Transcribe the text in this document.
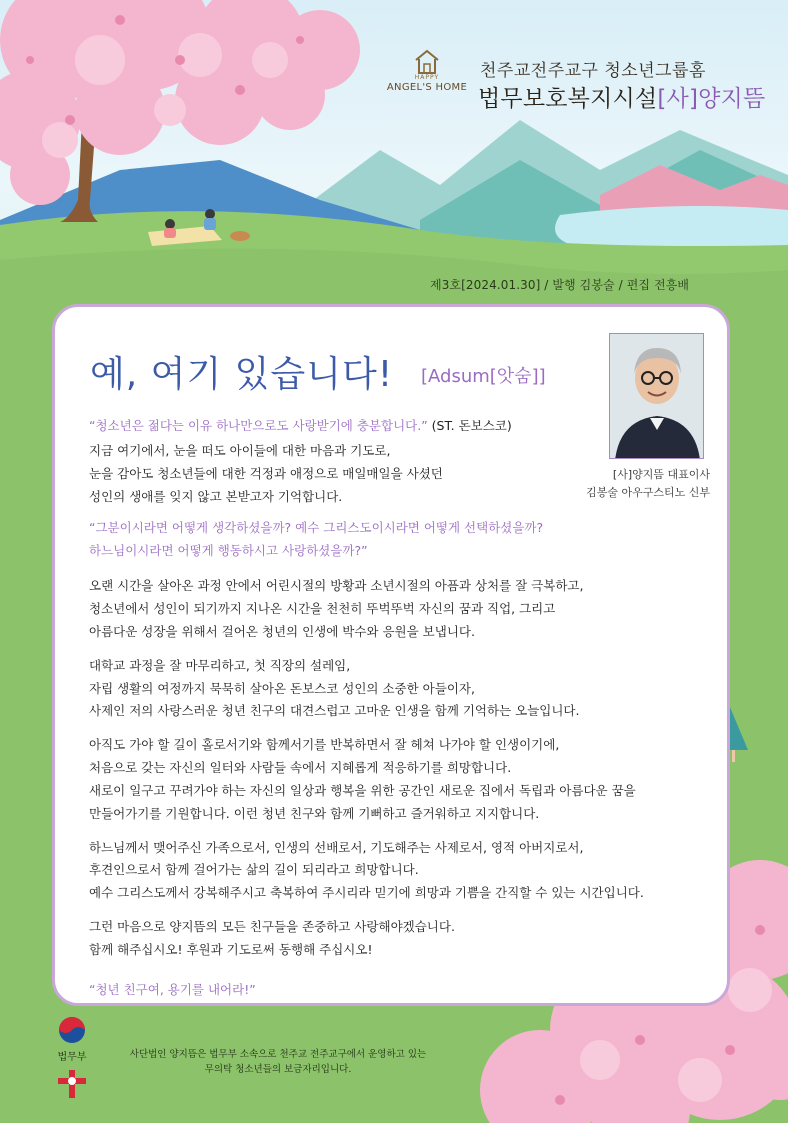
HAPPY
ANGEL'S HOME
천주교전주교구 청소년그룹홈
법무보호복지시설[사]양지뜸
제3호[2024.01.30] / 발행 김봉술 / 편집 전흥배
예, 여기 있습니다! [Adsum[앗숨]]
[사]양지뜸 대표이사
김봉술 아우구스티노 신부
“청소년은 젊다는 이유 하나만으로도 사랑받기에 충분합니다.” (ST. 돈보스코)
지금 여기에서, 눈을 떠도 아이들에 대한 마음과 기도로,
눈을 감아도 청소년들에 대한 걱정과 애정으로 매일매일을 사셨던
성인의 생애를 잊지 않고 본받고자 기억합니다.
“그분이시라면 어떻게 생각하셨을까? 예수 그리스도이시라면 어떻게 선택하셨을까?
하느님이시라면 어떻게 행동하시고 사랑하셨을까?”
오랜 시간을 살아온 과정 안에서 어린시절의 방황과 소년시절의 아픔과 상처를 잘 극복하고,
청소년에서 성인이 되기까지 지나온 시간을 천천히 뚜벅뚜벅 자신의 꿈과 직업, 그리고
아름다운 성장을 위해서 걸어온 청년의 인생에 박수와 응원을 보냅니다.
대학교 과정을 잘 마무리하고, 첫 직장의 설레임,
자립 생활의 여정까지 묵묵히 살아온 돈보스코 성인의 소중한 아들이자,
사제인 저의 사랑스러운 청년 친구의 대견스럽고 고마운 인생을 함께 기억하는 오늘입니다.
아직도 가야 할 길이 홀로서기와 함께서기를 반복하면서 잘 헤쳐 나가야 할 인생이기에,
처음으로 갖는 자신의 일터와 사람들 속에서 지혜롭게 적응하기를 희망합니다.
새로이 일구고 꾸려가야 하는 자신의 일상과 행복을 위한 공간인 새로운 집에서 독립과 아름다운 꿈을
만들어가기를 기원합니다. 이런 청년 친구와 함께 기뻐하고 즐거워하고 지지합니다.
하느님께서 맺어주신 가족으로서, 인생의 선배로서, 기도해주는 사제로서, 영적 아버지로서,
후견인으로서 함께 걸어가는 삶의 길이 되리라고 희망합니다.
예수 그리스도께서 강복해주시고 축복하여 주시리라 믿기에 희망과 기쁨을 간직할 수 있는 시간입니다.
그런 마음으로 양지뜸의 모든 친구들을 존중하고 사랑해야겠습니다.
함께 해주십시오! 후원과 기도로써 동행해 주십시오!
“청년 친구여, 용기를 내어라!”
법무부	사단법인 양지뜸은 법무부 소속으로 천주교 전주교구에서 운영하고 있는
무의탁 청소년들의 보금자리입니다.
